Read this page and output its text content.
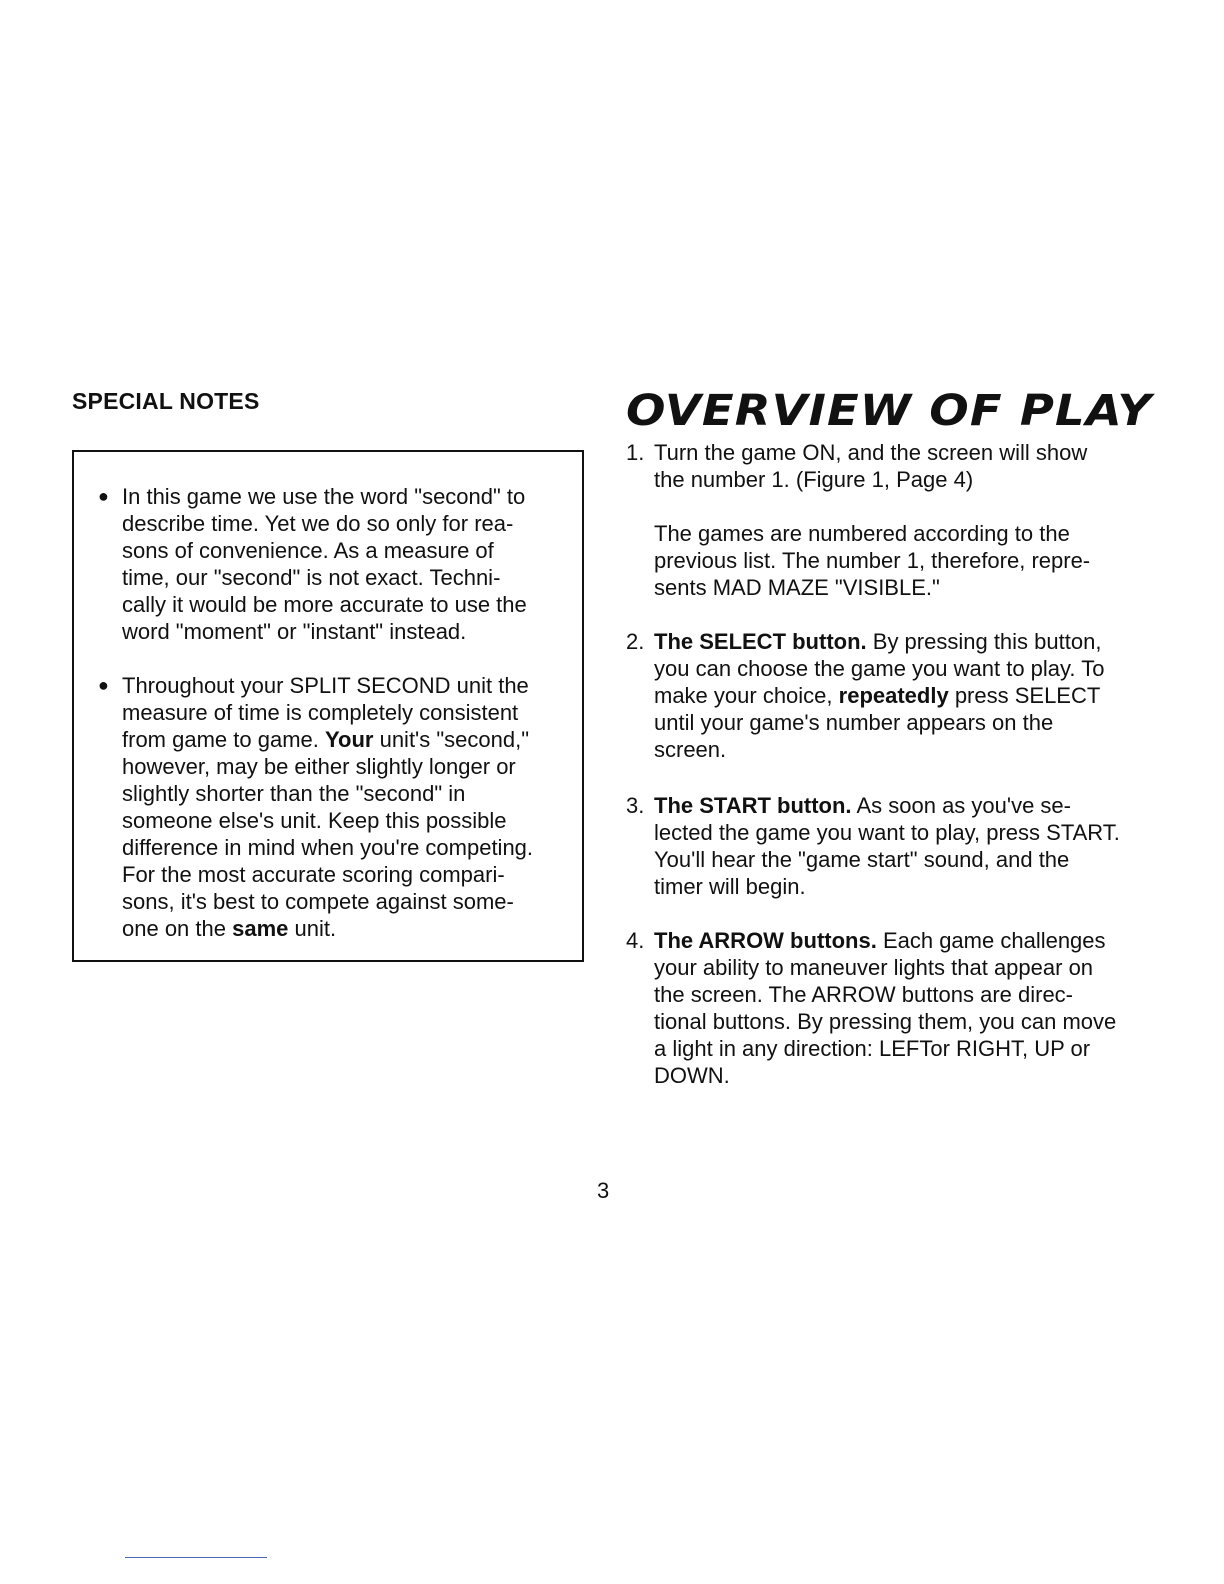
SPECIAL NOTES
● In this game we use the word "second" to
describe time. Yet we do so only for rea-
sons of convenience. As a measure of
time, our "second" is not exact. Techni-
cally it would be more accurate to use the
word "moment" or "instant" instead.
● Throughout your SPLIT SECOND unit the
measure of time is completely consistent
from game to game. Your unit's "second,"
however, may be either slightly longer or
slightly shorter than the "second" in
someone else's unit. Keep this possible
difference in mind when you're competing.
For the most accurate scoring compari-
sons, it's best to compete against some-
one on the same unit.
OVERVIEW OF PLAY
1. Turn the game ON, and the screen will show
the number 1. (Figure 1, Page 4)
The games are numbered according to the
previous list. The number 1, therefore, repre-
sents MAD MAZE "VISIBLE."
2. The SELECT button. By pressing this button,
you can choose the game you want to play. To
make your choice, repeatedly press SELECT
until your game's number appears on the
screen.
3. The START button. As soon as you've se-
lected the game you want to play, press START.
You'll hear the "game start" sound, and the
timer will begin.
4. The ARROW buttons. Each game challenges
your ability to maneuver lights that appear on
the screen. The ARROW buttons are direc-
tional buttons. By pressing them, you can move
a light in any direction: LEFTor RIGHT, UP or
DOWN.
3
